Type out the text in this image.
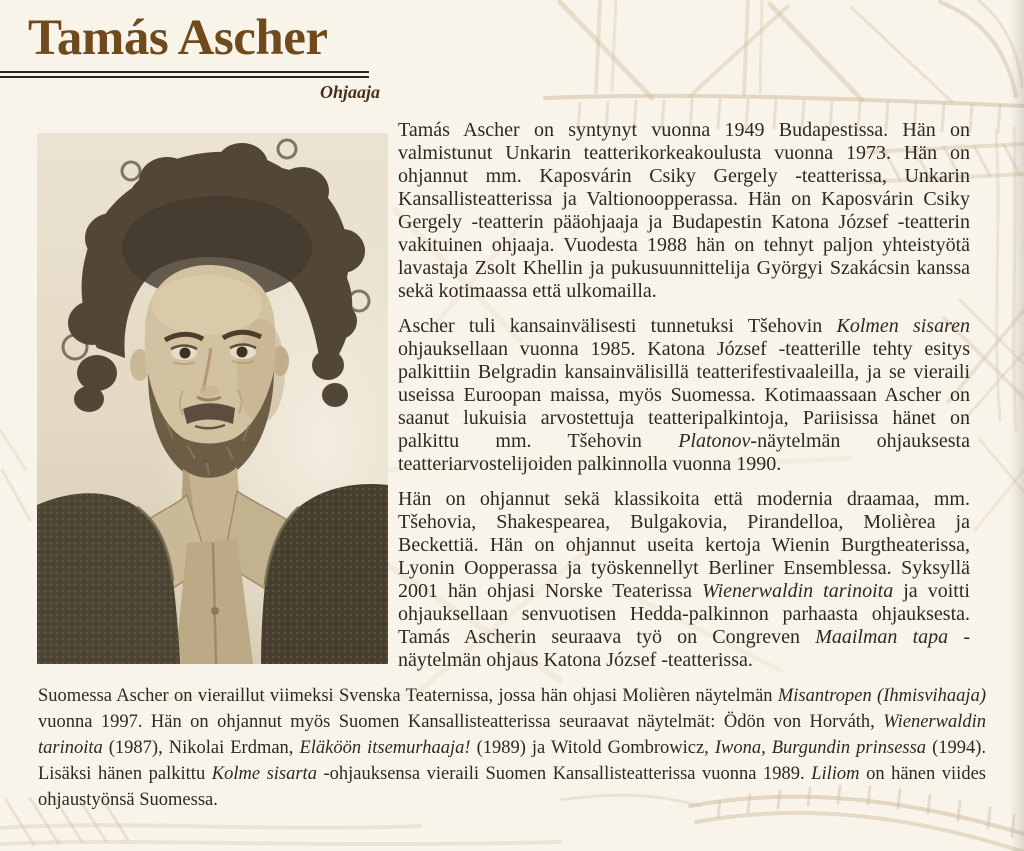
Tamás Ascher
Ohjaaja

Tamás Ascher on syntynyt vuonna 1949 Budapestissa. Hän on valmistunut Unkarin teatterikorkeakoulusta vuonna 1973. Hän on ohjannut mm. Kaposvárin Csiky Gergely -teatterissa, Unkarin Kansallisteatterissa ja Valtionoopperassa. Hän on Kaposvárin Csiky Gergely -teatterin pääohjaaja ja Budapestin Katona József -teatterin vakituinen ohjaaja. Vuodesta 1988 hän on tehnyt paljon yhteistyötä lavastaja Zsolt Khellin ja pukusuunnittelija Györgyi Szakácsin kanssa sekä kotimaassa että ulkomailla.

Ascher tuli kansainvälisesti tunnetuksi Tšehovin Kolmen sisaren ohjauksellaan vuonna 1985. Katona József -teatterille tehty esitys palkittiin Belgradin kansainvälisillä teatterifestivaaleilla, ja se vieraili useissa Euroopan maissa, myös Suomessa. Kotimaassaan Ascher on saanut lukuisia arvostettuja teatteripalkintoja, Pariisissa hänet on palkittu mm. Tšehovin Platonov-näytelmän ohjauksesta teatteriarvostelijoiden palkinnolla vuonna 1990.

Hän on ohjannut sekä klassikoita että modernia draamaa, mm. Tšehovia, Shakespearea, Bulgakovia, Pirandelloa, Molièrea ja Beckettiä. Hän on ohjannut useita kertoja Wienin Burgtheaterissa, Lyonin Oopperassa ja työskennellyt Berliner Ensemblessa. Syksyllä 2001 hän ohjasi Norske Teaterissa Wienerwaldin tarinoita ja voitti ohjauksellaan senvuotisen Hedda-palkinnon parhaasta ohjauksesta. Tamás Ascherin seuraava työ on Congreven Maailman tapa -näytelmän ohjaus Katona József -teatterissa.

Suomessa Ascher on vieraillut viimeksi Svenska Teaternissa, jossa hän ohjasi Molièren näytelmän Misantropen (Ihmisvihaaja) vuonna 1997. Hän on ohjannut myös Suomen Kansallisteatterissa seuraavat näytelmät: Ödön von Horváth, Wienerwaldin tarinoita (1987), Nikolai Erdman, Eläköön itsemurhaaja! (1989) ja Witold Gombrowicz, Iwona, Burgundin prinsessa (1994). Lisäksi hänen palkittu Kolme sisarta -ohjauksensa vieraili Suomen Kansallisteatterissa vuonna 1989. Liliom on hänen viides ohjaustyönsä Suomessa.
